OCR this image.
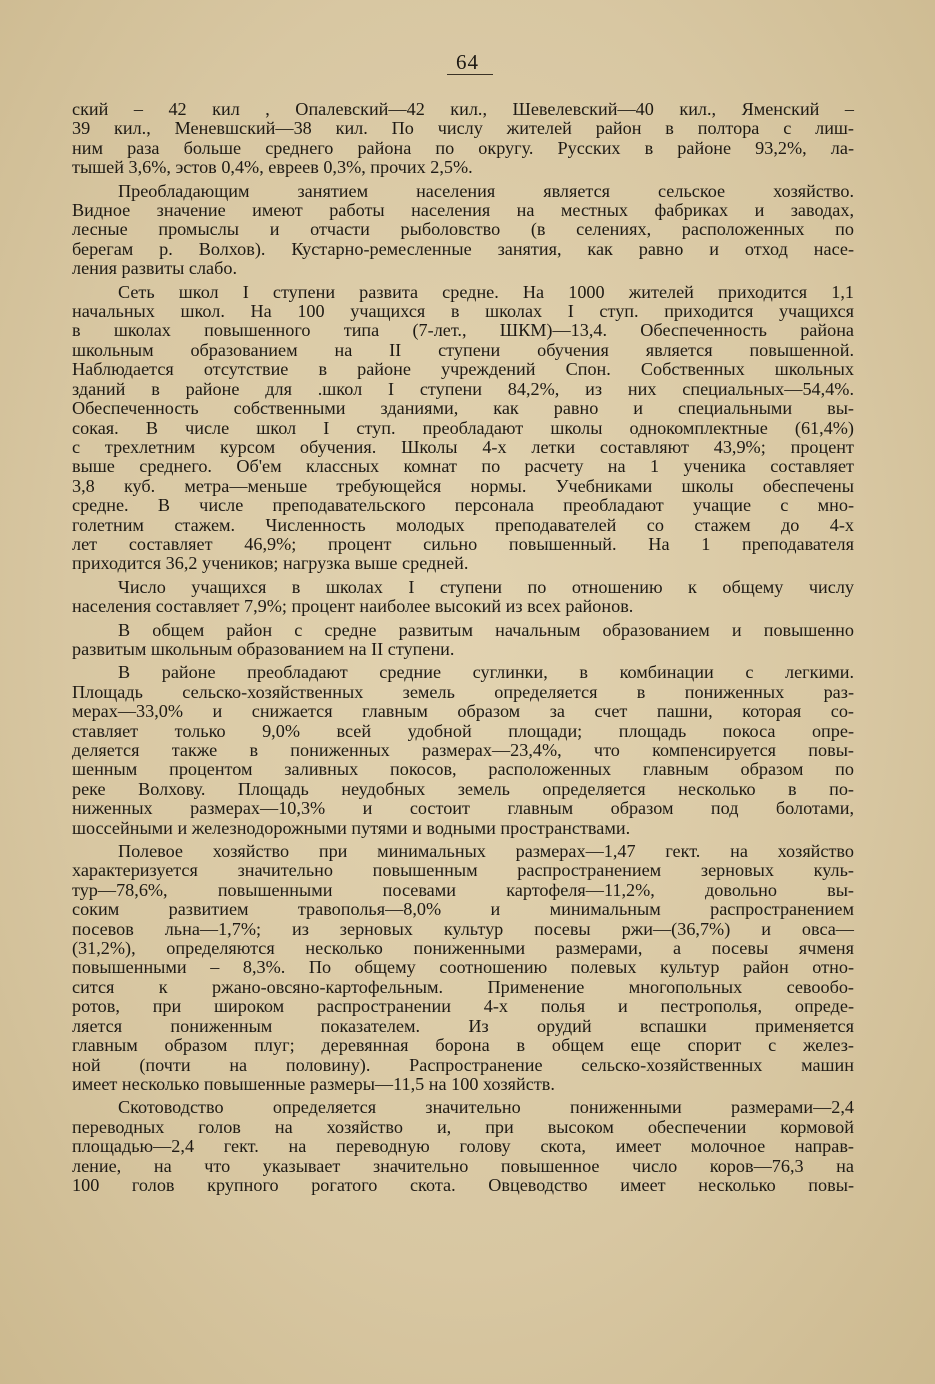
64
ский – 42 кил , Опалевский—42 кил., Шевелевский—40 кил., Яменский –
39 кил., Меневшский—38 кил. По числу жителей район в полтора с лиш-
ним раза больше среднего района по округу. Русских в районе 93,2%, ла-
тышей 3,6%, эстов 0,4%, евреев 0,3%, прочих 2,5%.
Преобладающим занятием населения является сельское хозяйство.
Видное значение имеют работы населения на местных фабриках и заводах,
лесные промыслы и отчасти рыболовство (в селениях, расположенных по
берегам р. Волхов). Кустарно-ремесленные занятия, как равно и отход насе-
ления развиты слабо.
Сеть школ I ступени развита средне. На 1000 жителей приходится 1,1
начальных школ. На 100 учащихся в школах I ступ. приходится учащихся
в школах повышенного типа (7-лет., ШКМ)—13,4. Обеспеченность района
школьным образованием на II ступени обучения является повышенной.
Наблюдается отсутствие в районе учреждений Спон. Собственных школьных
зданий в районе для .школ I ступени 84,2%, из них специальных—54,4%.
Обеспеченность собственными зданиями, как равно и специальными вы-
сокая. В числе школ I ступ. преобладают школы однокомплектные (61,4%)
с трехлетним курсом обучения. Школы 4-х летки составляют 43,9%; процент
выше среднего. Об'ем классных комнат по расчету на 1 ученика составляет
3,8 куб. метра—меньше требующейся нормы. Учебниками школы обеспечены
средне. В числе преподавательского персонала преобладают учащие с мно-
голетним стажем. Численность молодых преподавателей со стажем до 4-х
лет составляет 46,9%; процент сильно повышенный. На 1 преподавателя
приходится 36,2 учеников; нагрузка выше средней.
Число учащихся в школах I ступени по отношению к общему числу
населения составляет 7,9%; процент наиболее высокий из всех районов.
В общем район с средне развитым начальным образованием и повышенно
развитым школьным образованием на II ступени.
В районе преобладают средние суглинки, в комбинации с легкими.
Площадь сельско-хозяйственных земель определяется в пониженных раз-
мерах—33,0% и снижается главным образом за счет пашни, которая со-
ставляет только 9,0% всей удобной площади; площадь покоса опре-
деляется также в пониженных размерах—23,4%, что компенсируется повы-
шенным процентом заливных покосов, расположенных главным образом по
реке Волхову. Площадь неудобных земель определяется несколько в по-
ниженных размерах—10,3% и состоит главным образом под болотами,
шоссейными и железнодорожными путями и водными пространствами.
Полевое хозяйство при минимальных размерах—1,47 гект. на хозяйство
характеризуется значительно повышенным распространением зерновых куль-
тур—78,6%, повышенными посевами картофеля—11,2%, довольно вы-
соким развитием травополья—8,0% и минимальным распространением
посевов льна—1,7%; из зерновых культур посевы ржи—(36,7%) и овса—
(31,2%), определяются несколько пониженными размерами, а посевы ячменя
повышенными – 8,3%. По общему соотношению полевых культур район отно-
сится к ржано-овсяно-картофельным. Применение многопольных севообо-
ротов, при широком распространении 4-х полья и пестрополья, опреде-
ляется пониженным показателем. Из орудий вспашки применяется
главным образом плуг; деревянная борона в общем еще спорит с желез-
ной (почти на половину). Распространение сельско-хозяйственных машин
имеет несколько повышенные размеры—11,5 на 100 хозяйств.
Скотоводство определяется значительно пониженными размерами—2,4
переводных голов на хозяйство и, при высоком обеспечении кормовой
площадью—2,4 гект. на переводную голову скота, имеет молочное направ-
ление, на что указывает значительно повышенное число коров—76,3 на
100 голов крупного рогатого скота. Овцеводство имеет несколько повы-
